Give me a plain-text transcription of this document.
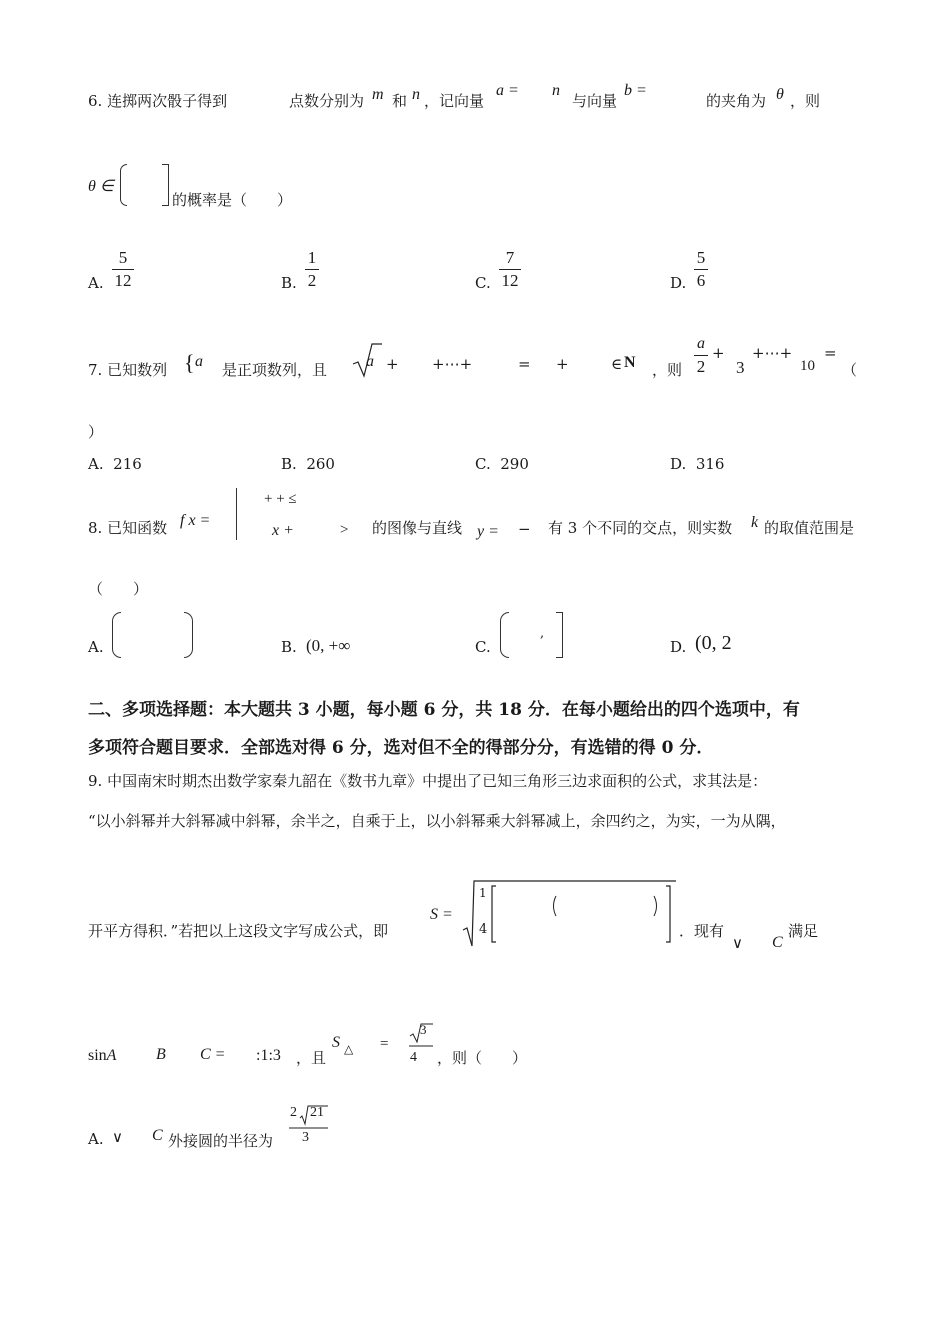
6. 连掷两次骰子得到	点数分别为 m 和 n ，记向量
a = n
与向量
b =
的夹角为 θ ，则
θ ∈
的概率是（　　）
A.
5
12	B.
1
2	C.
7
12	D.
5
6
7. 已知数列 { a 是正项数列，且 a + +⋯+	= +	∈ N ，则
a
2
+
3
+⋯+
10
=
（
）
A. 216	B. 260	C. 290	D. 316
8. 已知函数 f x =
+ + ≤
x +	> 的图像与直线 y = − 有 3 个不同的交点，则实数 k 的取值范围是
（　　）
A.	B. (0, +∞	C.
,
D. (0, 2
二、多项选择题：本大题共 3 小题，每小题 6 分，共 18 分．在每小题给出的四个选项中，有
多项符合题目要求．全部选对得 6 分，选对但不全的得部分分，有选错的得 0 分．
9. 中国南宋时期杰出数学家秦九韶在《数书九章》中提出了已知三角形三边求面积的公式，求其法是：
“以小斜幂并大斜幂减中斜幂，余半之，自乘于上，以小斜幂乘大斜幂减上，余四约之，为实，一为从隅，
开平方得积．”若把以上这段文字写成公式，即
S =
1
4	．现有
∨ C
满足
sinA B C = :1:3 ，且
S △ =
3
4 ，则（　　）
A. ∨ C 外接圆的半径为
2 21
3
